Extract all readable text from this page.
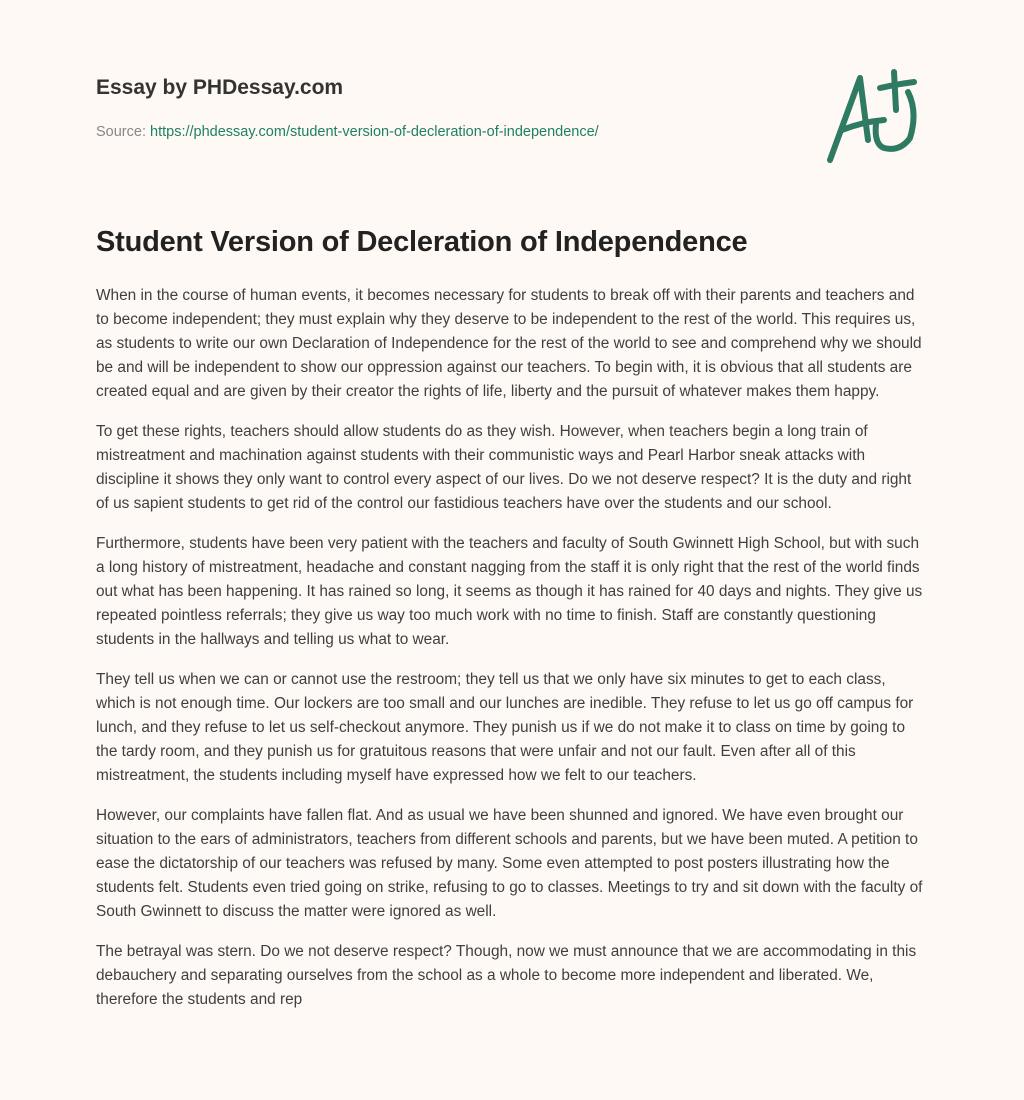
Essay by PHDessay.com

Source: https://phdessay.com/student-version-of-decleration-of-independence/
Student Version of Decleration of Independence

When in the course of human events, it becomes necessary for students to break off with their parents and teachers and to become independent; they must explain why they deserve to be independent to the rest of the world. This requires us, as students to write our own Declaration of Independence for the rest of the world to see and comprehend why we should be and will be independent to show our oppression against our teachers. To begin with, it is obvious that all students are created equal and are given by their creator the rights of life, liberty and the pursuit of whatever makes them happy.

To get these rights, teachers should allow students do as they wish. However, when teachers begin a long train of mistreatment and machination against students with their communistic ways and Pearl Harbor sneak attacks with discipline it shows they only want to control every aspect of our lives. Do we not deserve respect? It is the duty and right of us sapient students to get rid of the control our fastidious teachers have over the students and our school.

Furthermore, students have been very patient with the teachers and faculty of South Gwinnett High School, but with such a long history of mistreatment, headache and constant nagging from the staff it is only right that the rest of the world finds out what has been happening. It has rained so long, it seems as though it has rained for 40 days and nights. They give us repeated pointless referrals; they give us way too much work with no time to finish. Staff are constantly questioning students in the hallways and telling us what to wear.

They tell us when we can or cannot use the restroom; they tell us that we only have six minutes to get to each class, which is not enough time. Our lockers are too small and our lunches are inedible. They refuse to let us go off campus for lunch, and they refuse to let us self-checkout anymore. They punish us if we do not make it to class on time by going to the tardy room, and they punish us for gratuitous reasons that were unfair and not our fault. Even after all of this mistreatment, the students including myself have expressed how we felt to our teachers.

However, our complaints have fallen flat. And as usual we have been shunned and ignored. We have even brought our situation to the ears of administrators, teachers from different schools and parents, but we have been muted. A petition to ease the dictatorship of our teachers was refused by many. Some even attempted to post posters illustrating how the students felt. Students even tried going on strike, refusing to go to classes. Meetings to try and sit down with the faculty of South Gwinnett to discuss the matter were ignored as well.

The betrayal was stern. Do we not deserve respect? Though, now we must announce that we are accommodating in this debauchery and separating ourselves from the school as a whole to become more independent and liberated. We, therefore the students and rep
